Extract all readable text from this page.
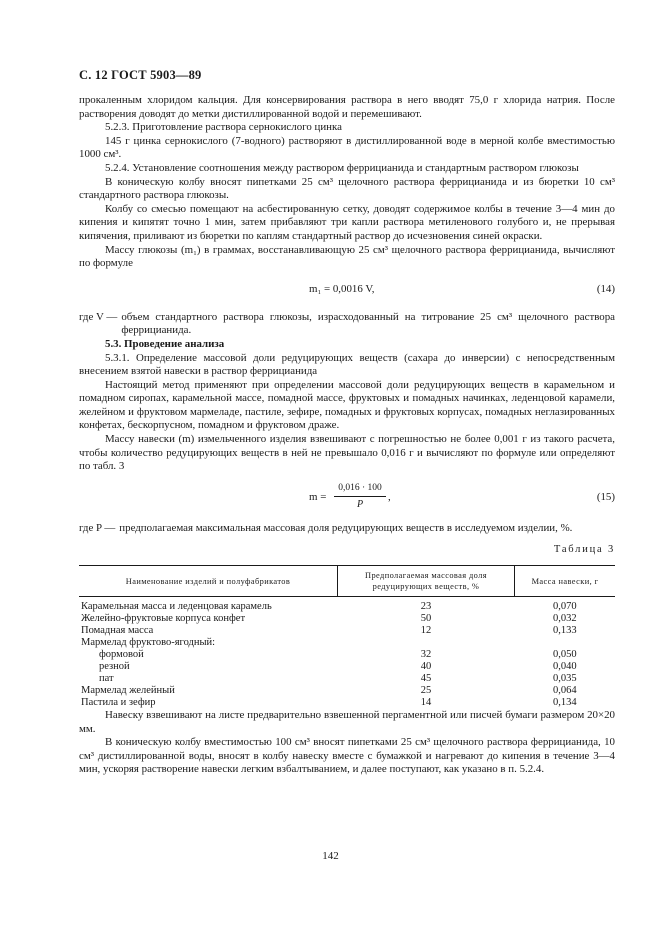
С. 12 ГОСТ 5903—89

прокаленным хлоридом кальция. Для консервирования раствора в него вводят 75,0 г хлорида натрия. После растворения доводят до метки дистиллированной водой и перемешивают.

5.2.3. Приготовление раствора сернокислого цинка

145 г цинка сернокислого (7-водного) растворяют в дистиллированной воде в мерной колбе вместимостью 1000 см³.

5.2.4. Установление соотношения между раствором феррицианида и стандартным раствором глюкозы

В коническую колбу вносят пипетками 25 см³ щелочного раствора феррицианида и из бюретки 10 см³ стандартного раствора глюкозы.

Колбу со смесью помещают на асбестированную сетку, доводят содержимое колбы в течение 3—4 мин до кипения и кипятят точно 1 мин, затем прибавляют три капли раствора метиленового голубого и, не прерывая кипячения, приливают из бюретки по каплям стандартный раствор до исчезновения синей окраски.

Массу глюкозы (m₁) в граммах, восстанавливающую 25 см³ щелочного раствора феррицианида, вычисляют по формуле

m₁ = 0,0016 V,	(14)
где V — объем стандартного раствора глюкозы, израсходованный на титрование 25 см³ щелочного раствора феррицианида.

5.3. Проведение анализа

5.3.1. Определение массовой доли редуцирующих веществ (сахара до инверсии) с непосредственным внесением взятой навески в раствор феррицианида

Настоящий метод применяют при определении массовой доли редуцирующих веществ в карамельном и помадном сиропах, карамельной массе, помадной массе, фруктовых и помадных начинках, леденцовой карамели, желейном и фруктовом мармеладе, пастиле, зефире, помадных и фруктовых корпусах, помадных неглазированных конфетах, бескорпусном, помадном и фруктовом драже.

Массу навески (m) измельченного изделия взвешивают с погрешностью не более 0,001 г из такого расчета, чтобы количество редуцирующих веществ в ней не превышало 0,016 г и вычисляют по формуле или определяют по табл. 3

$m = \frac{0,016 \cdot 100}{P}$ ,	(15)
где P — предполагаемая максимальная массовая доля редуцирующих веществ в исследуемом изделии, %.
Таблица 3
Наименование изделий и полуфабрикатов	Предполагаемая массовая доля редуцирующих веществ, %	Масса навески, г
Карамельная масса и леденцовая карамель	23	0,070
Желейно-фруктовые корпуса конфет	50	0,032
Помадная масса	12	0,133
Мармелад фруктово-ягодный:		
формовой	32	0,050
резной	40	0,040
пат	45	0,035
Мармелад желейный	25	0,064
Пастила и зефир	14	0,134

Навеску взвешивают на листе предварительно взвешенной пергаментной или писчей бумаги размером 20×20 мм.

В коническую колбу вместимостью 100 см³ вносят пипетками 25 см³ щелочного раствора феррицианида, 10 см³ дистиллированной воды, вносят в колбу навеску вместе с бумажкой и нагревают до кипения в течение 3—4 мин, ускоряя растворение навески легким взбалтыванием, и далее поступают, как указано в п. 5.2.4.

142
